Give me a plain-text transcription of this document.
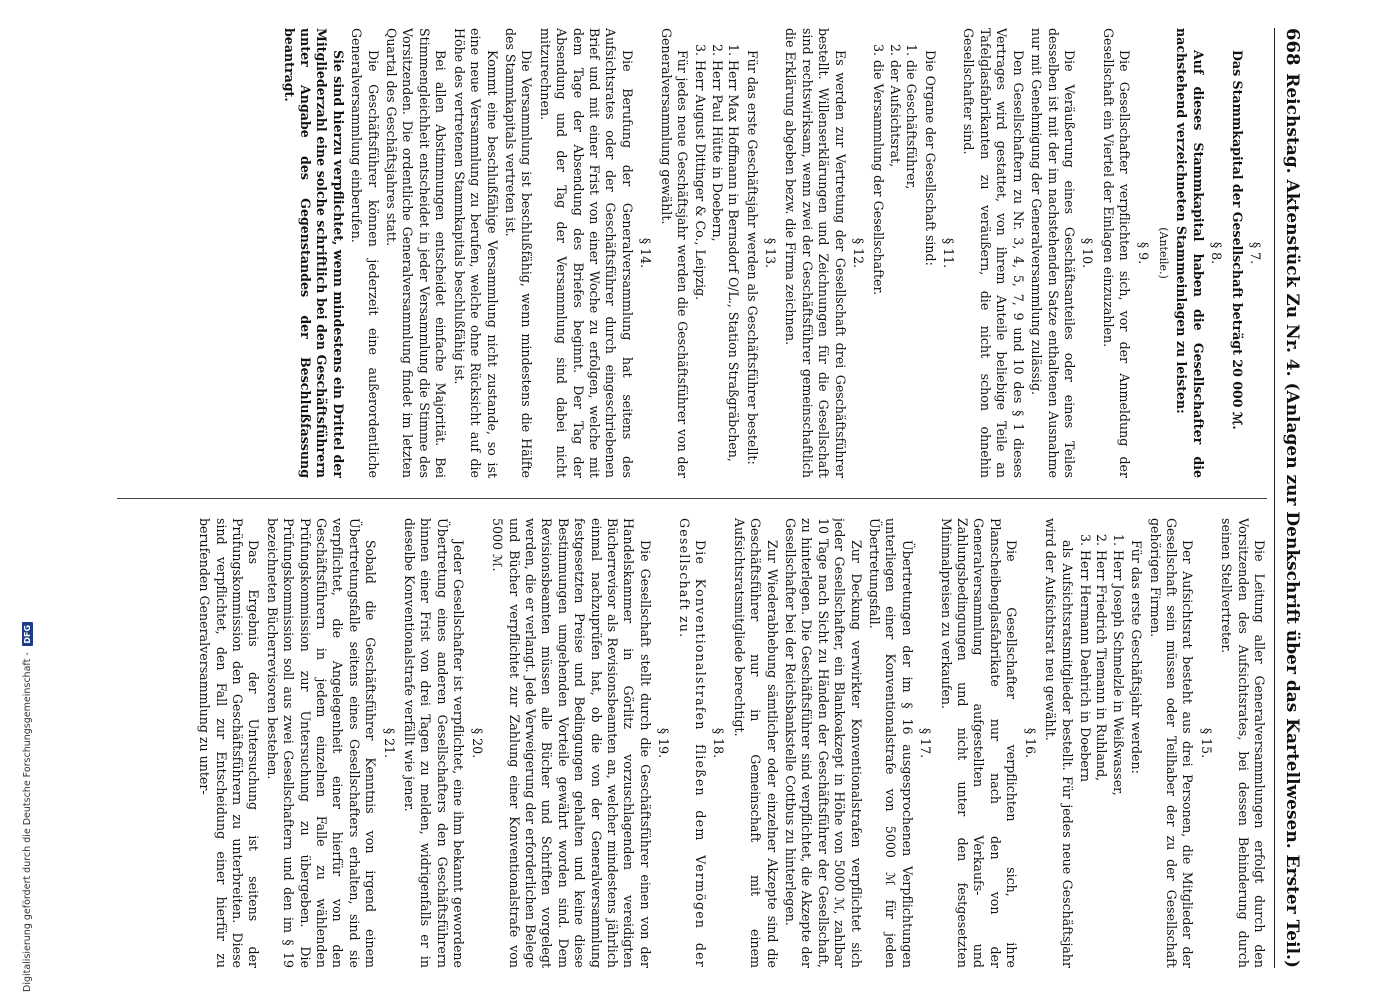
668
Reichstag. Aktenstück Zu Nr. 4. (Anlagen zur Denkschrift über das Kartellwesen. Erster Teil.)
§ 7.
Das Stammkapital der Gesellschaft beträgt 20 000 ℳ.
§ 8.
Auf dieses Stammkapital haben die Gesellschafter die nachstehend verzeichneten Stammeinlagen zu leisten:
(Anteile.)
§ 9.
Die Gesellschafter verpflichten sich, vor der Anmeldung der Gesellschaft ein Viertel der Einlagen einzuzahlen.
§ 10.
Die Veräußerung eines Geschäftsanteiles oder eines Teiles desselben ist mit der im nachstehenden Satze enthaltenen Ausnahme nur mit Genehmigung der Generalversammlung zulässig.
Den Gesellschaftern zu Nr. 3, 4, 5, 7, 9 und 10 des § 1 dieses Vertrages wird gestattet, von ihrem Anteile beliebige Teile an Tafelglasfabrikanten zu veräußern, die nicht schon ohnehin Gesellschafter sind.
§ 11.
Die Organe der Gesellschaft sind:
1. die Geschäftsführer,
2. der Aufsichtsrat,
3. die Versammlung der Gesellschafter.
§ 12.
Es werden zur Vertretung der Gesellschaft drei Geschäftsführer bestellt. Willenserklärungen und Zeichnungen für die Gesellschaft sind rechtswirksam, wenn zwei der Geschäftsführer gemeinschaftlich die Erklärung abgeben bezw. die Firma zeichnen.
§ 13.
Für das erste Geschäftsjahr werden als Geschäftsführer bestellt:
1. Herr Max Hoffmann in Bernsdorf O/L., Station Straßgräbchen,
2. Herr Paul Hütte in Doebern,
3. Herr August Dittinger & Co., Leipzig.
Für jedes neue Geschäftsjahr werden die Geschäftsführer von der Generalversammlung gewählt.
§ 14.
Die Berufung der Generalversammlung hat seitens des Aufsichtsrates oder der Geschäftsführer durch eingeschriebenen Brief und mit einer Frist von einer Woche zu erfolgen, welche mit dem Tage der Absendung des Briefes beginnt. Der Tag der Absendung und der Tag der Versammlung sind dabei nicht mitzurechnen.
Die Versammlung ist beschlußfähig, wenn mindestens die Hälfte des Stammkapitals vertreten ist.
Kommt eine beschlußfähige Versammlung nicht zustande, so ist eine neue Versammlung zu berufen, welche ohne Rücksicht auf die Höhe des vertretenen Stammkapitals beschlußfähig ist.
Bei allen Abstimmungen entscheidet einfache Majorität. Bei Stimmengleichheit entscheidet in jeder Versammlung die Stimme des Vorsitzenden. Die ordentliche Generalversammlung findet im letzten Quartal des Geschäftsjahres statt.
Die Geschäftsführer können jederzeit eine außerordentliche Generalversammlung einberufen.
Sie sind hierzu verpflichtet, wenn mindestens ein Drittel der Mitgliederzahl eine solche schriftlich bei den Geschäftsführern unter Angabe des Gegenstandes der Beschlußfassung beantragt.
Die Leitung aller Generalversammlungen erfolgt durch den Vorsitzenden des Aufsichtsrates, bei dessen Behinderung durch seinen Stellvertreter.
§ 15.
Der Aufsichtsrat besteht aus drei Personen, die Mitglieder der Gesellschaft sein müssen oder Teilhaber der zu der Gesellschaft gehörigen Firmen.
Für das erste Geschäftsjahr werden:
1. Herr Joseph Schmelzle in Weißwasser,
2. Herr Friedrich Tiemann in Ruhland,
3. Herr Hermann Daehrich in Doebern
als Aufsichtsratsmitglieder bestellt. Für jedes neue Geschäftsjahr wird der Aufsichtsrat neu gewählt.
§ 16.
Die Gesellschafter verpflichten sich, ihre Planscheibenglasfabrikate nur nach den von der Generalversammlung aufgestellten Verkaufs- und Zahlungsbedingungen und nicht unter den festgesetzten Minimalpreisen zu verkaufen.
§ 17.
Übertretungen der im § 16 ausgesprochenen Verpflichtungen unterliegen einer Konventionalstrafe von 5000 ℳ für jeden Übertretungsfall.
Zur Deckung verwirkter Konventionalstrafen verpflichtet sich jeder Gesellschafter, ein Blankoakzept in Höhe von 5000 ℳ, zahlbar 10 Tage nach Sicht zu Händen der Geschäftsführer der Gesellschaft, zu hinterlegen. Die Geschäftsführer sind verpflichtet, die Akzepte der Gesellschafter bei der Reichsbankstelle Cottbus zu hinterlegen.
Zur Wiederabhebung sämtlicher oder einzelner Akzepte sind die Geschäftsführer nur in Gemeinschaft mit einem Aufsichtsratsmitgliede berechtigt.
§ 18.
Die Konventionalstrafen fließen dem Vermögen der Gesellschaft zu.
§ 19.
Die Gesellschaft stellt durch die Geschäftsführer einen von der Handelskammer in Görlitz vorzuschlagenden vereidigten Bücherrevisor als Revisionsbeamten an, welcher mindestens jährlich einmal nachzuprüfen hat, ob die von der Generalversammlung festgesetzten Preise und Bedingungen gehalten und keine diese Bestimmungen umgehenden Vorteile gewährt worden sind. Dem Revisionsbeamten müssen alle Bücher und Schriften vorgelegt werden, die er verlangt. Jede Verweigerung der erforderlichen Belege und Bücher verpflichtet zur Zahlung einer Konventionalstrafe von 5000 ℳ.
§ 20.
Jeder Gesellschafter ist verpflichtet, eine ihm bekannt gewordene Übertretung eines anderen Gesellschafters den Geschäftsführern binnen einer Frist von drei Tagen zu melden, widrigenfalls er in dieselbe Konventionalstrafe verfällt wie jener.
§ 21.
Sobald die Geschäftsführer Kenntnis von irgend einem Übertretungsfalle seitens eines Gesellschafters erhalten, sind sie verpflichtet, die Angelegenheit einer hierfür von den Geschäftsführern in jedem einzelnen Falle zu wählenden Prüfungskommission zur Untersuchung zu übergeben. Die Prüfungskommission soll aus zwei Gesellschaftern und den im § 19 bezeichneten Bücherrevisoren bestehen.
Das Ergebnis der Untersuchung ist seitens der Prüfungskommission den Geschäftsführern zu unterbreiten. Diese sind verpflichtet, den Fall zur Entscheidung einer hierfür zu berufenden Generalversammlung zu unter-
Digitalisierung gefördert durch die Deutsche Forschungsgemeinschaft -
DFG
